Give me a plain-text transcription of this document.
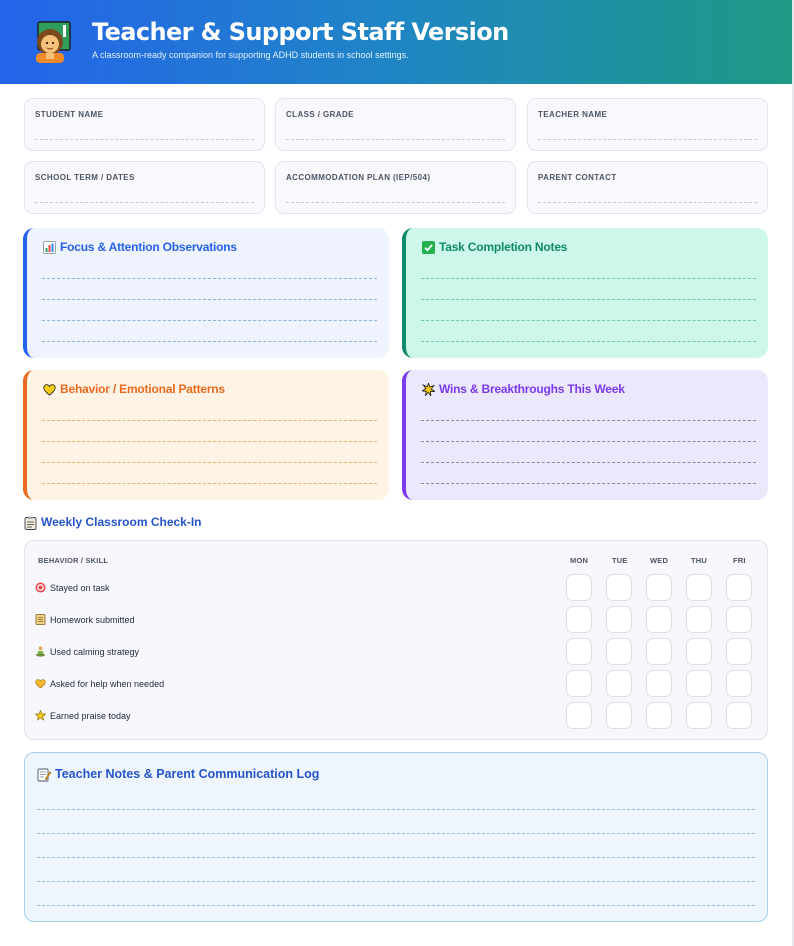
Teacher & Support Staff Version
A classroom-ready companion for supporting ADHD students in school settings.
STUDENT NAME	CLASS / GRADE	TEACHER NAME
SCHOOL TERM / DATES	ACCOMMODATION PLAN (IEP/504)	PARENT CONTACT
Focus & Attention Observations	Task Completion Notes
Behavior / Emotional Patterns	Wins & Breakthroughs This Week
Weekly Classroom Check-In
BEHAVIOR / SKILL	MON	TUE	WED	THU	FRI
Stayed on task
Homework submitted
Used calming strategy
Asked for help when needed
Earned praise today
Teacher Notes & Parent Communication Log
